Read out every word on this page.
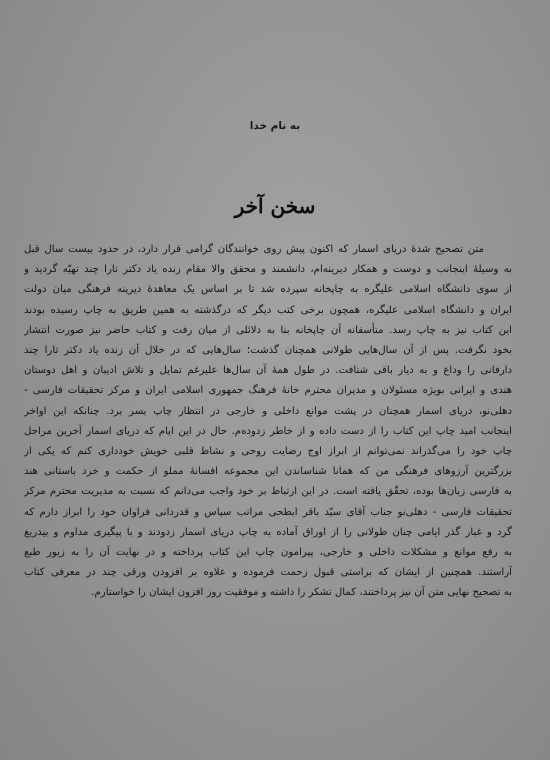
به نام خدا
سخن آخر

متن تصحیح شدهٔ دریای اسمار که اکنون پیش روی خوانندگان گرامی قرار دارد، در حدود بیست سال قبل
به وسیلهٔ اینجانب و دوست و همکار دیرینه‌ام، دانشمند و محقق والا مقام زنده یاد دکتر تارا چند تهیّه گردید و
از سوی دانشگاه اسلامی علیگره به چاپخانه سپرده شد تا بر اساس یک معاهدهٔ دیرینه فرهنگی میان دولت
ایران و دانشگاه اسلامی علیگره، همچون برخی کتب دیگر که درگذشته به همین طریق به چاپ رسیده بودند
این کتاب نیز به چاپ رسد. متأسفانه آن چاپخانه بنا به دلائلی از میان رفت و کتاب حاضر نیز صورت انتشار
بخود نگرفت. پس از آن سال‌هایی طولانی همچنان گذشت؛ سال‌هایی که در خلال آن زنده یاد دکتر تارا چند
دارفانی را وداع و به دیار باقی شتافت. در طول همهٔ آن سال‌ها علیرغم تمایل و تلاش ادیبان و اهل دوستان
هندی و ایرانی بویژه مسئولان و مدیران محترم خانهٔ فرهنگ جمهوری اسلامی ایران و مرکز تحقیقات فارسی -
دهلی‌نو، دریای اسمار همچنان در پشت موانع داخلی و خارجی در انتظار چاپ بسر برد. چنانکه این اواخر
اینجانب امید چاپ این کتاب را از دست داده و از خاطر زدوده‌م. حال در این ایام که دریای اسمار آخرین مراحل
چاپ خود را می‌گذراند نمی‌توانم از ابراز اوج رضایت روحی و نشاط قلبی خویش خودداری کنم که یکی از
بزرگترین آرزوهای فرهنگی من که همانا شناساندن این مجموعه افسانهٔ مملو از حکمت و خرد باستانی هند
به فارسی زبان‌ها بوده، تحقّق یافته است. در این ارتباط بر خود واجب می‌دانم که نسبت به مدیریت محترم مرکز
تحقیقات فارسی - دهلی‌نو جناب آقای سیّد باقر ابطحی مراتب سپاس و قدردانی فراوان خود را ابراز دارم که
گرد و غبار گذر ایامی چنان طولانی را از اوراق آماده به چاپ دریای اسمار زدودند و با پیگیری مداوم و بیدریغ
به رفع موانع و مشکلات داخلی و خارجی، پیرامون چاپ این کتاب پرداخته و در نهایت آن را به زیور طبع
آراستند. همچنین از ایشان که براستی قبول زحمت فرموده و علاوه بر افزودن ورقی چند در معرفی کتاب
به تصحیح نهایی متن آن نیز پرداختند، کمال تشکر را داشته و موفقیت روز افزون ایشان را خواستارم.
